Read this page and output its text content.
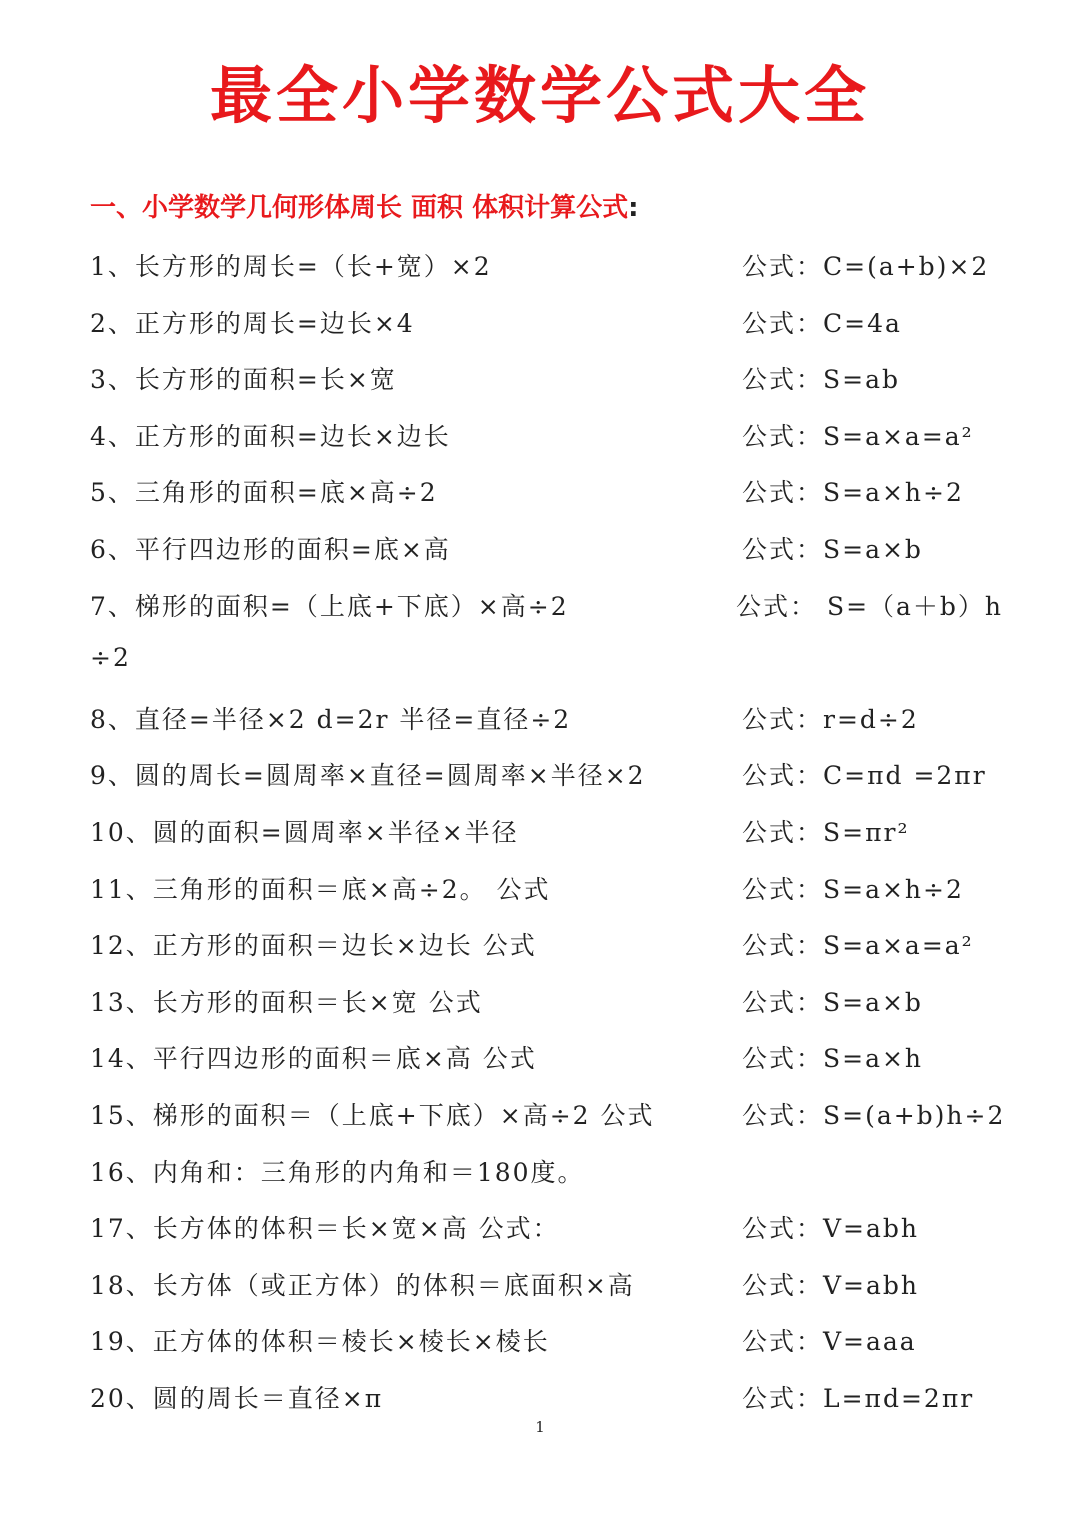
最全小学数学公式大全
一、小学数学几何形体周长 面积 体积计算公式:
1、长方形的周长=（长+宽）×2	公式：C=(a+b)×2
2、正方形的周长=边长×4	公式：C=4a
3、长方形的面积=长×宽	公式：S=ab
4、正方形的面积=边长×边长	公式：S=a×a=a²
5、三角形的面积=底×高÷2	公式：S=a×h÷2
6、平行四边形的面积=底×高	公式：S=a×b
7、梯形的面积=（上底+下底）×高÷2	公式： S=（a＋b）h
÷2
8、直径=半径×2 d=2r 半径=直径÷2	公式：r=d÷2
9、圆的周长=圆周率×直径=圆周率×半径×2	公式：C=πd =2πr
10、圆的面积=圆周率×半径×半径	公式：S=πr²
11、三角形的面积＝底×高÷2。 公式	公式：S=a×h÷2
12、正方形的面积＝边长×边长 公式	公式：S=a×a=a²
13、长方形的面积＝长×宽 公式	公式：S=a×b
14、平行四边形的面积＝底×高 公式	公式：S=a×h
15、梯形的面积＝（上底+下底）×高÷2 公式	公式：S=(a+b)h÷2
16、内角和：三角形的内角和＝180度。
17、长方体的体积＝长×宽×高 公式：	公式：V=abh
18、长方体（或正方体）的体积＝底面积×高	公式：V=abh
19、正方体的体积＝棱长×棱长×棱长	公式：V=aaa
20、圆的周长＝直径×π	公式：L=πd=2πr
1
